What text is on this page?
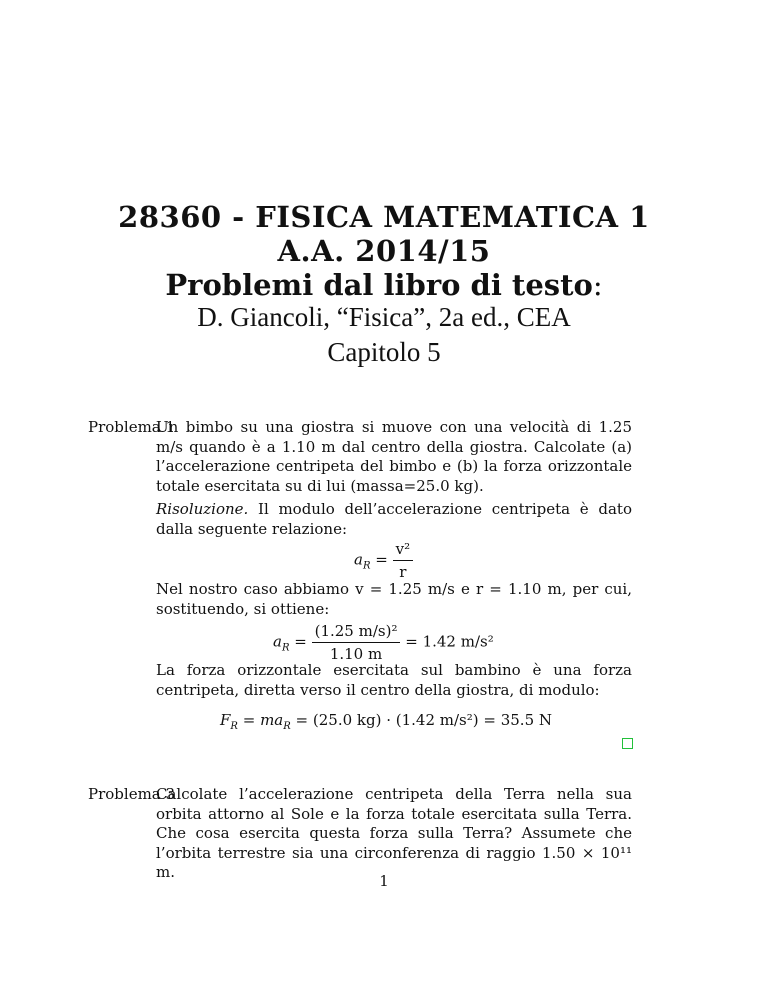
28360 - FISICA MATEMATICA 1
A.A. 2014/15
Problemi dal libro di testo:
D. Giancoli, “Fisica”, 2a ed., CEA
Capitolo 5
Problema 1
Un bimbo su una giostra si muove con una velocità di 1.25 m/s quando è a 1.10 m dal centro della giostra. Calcolate (a) l’accelerazione centripeta del bimbo e (b) la forza orizzontale totale esercitata su di lui (massa=25.0 kg).
Risoluzione. Il modulo dell’accelerazione centripeta è dato dalla seguente relazione:
$a_R = \frac{\text{v²}}{r}$
Nel nostro caso abbiamo v = 1.25 m/s e r = 1.10 m, per cui, sostituendo, si ottiene:
$a_R = \frac{\text{(1.25 m/s)²}}{1.10 m} = 1.42$ m/s²
La forza orizzontale esercitata sul bambino è una forza centripeta, diretta verso il centro della giostra, di modulo:
$F_R = ma_R = (25.0$ kg) · (1.42 m/s²) = 35.5 N
Problema 3
Calcolate l’accelerazione centripeta della Terra nella sua orbita attorno al Sole e la forza totale esercitata sulla Terra. Che cosa esercita questa forza sulla Terra? Assumete che l’orbita terrestre sia una circonferenza di raggio 1.50 × 10¹¹ m.	1
